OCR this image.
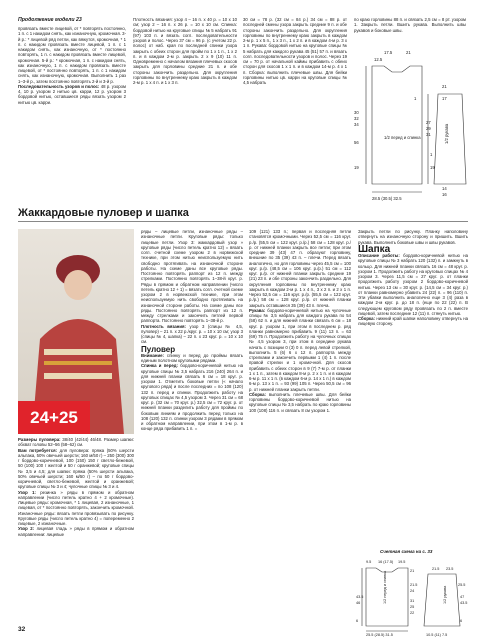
Продолжение модели 23

провязать вместе лицевой, от * повторять постоянно, 1 п. с 1 накидом снять, как изнаночную, кромочная. 3-й р.: * лицевой ряд петли, как вяжутся, кромочная, * 1 п. с накидом провязать вместе лицевой, 1 п. с 1 накидом снять, как изнаночную, от * постоянно повторять, 1 п. с накидом провязать вместе лицевой, кромочная. 5-й р.: * кромочная, 1 п. с накидом снять, как изнаночную, 1 п. с накидом провязать вместе лицевой, от * постоянно повторять, 1 п. с 1 накидом снять, как изнаночную, кромочная. Выполнить 1 раз 1–3-й р., затем постоянно повторять 2-й и 3-й р.

Последовательность узоров и полос: 48 р. узором 4, 10 р. узором 2 нитью цв. карри, 12 р. узором 3 бордовой нитью, оставшиеся ряды вязать узором 2 нитью цв. карри.

Плотность вязания: узор 4 – 16 п. х 40 р. = 10 х 10 см; узор 2 – 16 п. х 26 р. = 10 х 10 см. Спинка: бордовой нитью на круговые спицы № 5 набрать 91 (97) 103 п. и вязать согл. последовательности узоров и полос. Через 37 см = 96 р. (с учетом 22 р. полос) от наб. края по последней спинки узора закрыть с обеих сторон для пройм по 1 х 1 п., 1 х 2 п. и в каждом 2-м р. закрыть 2 х 9 (10) 11 п. Одновременно с началом вязания плечевых скосов закрыть для горловины средние 21 п. и обе стороны закончить раздельно. Для округления горловины по внутреннему краю закрыть в каждом 2-м р. 1 х 4 п. и 1 х 3 п.

30 см = 78 р. (32 см = 84 р.) 34 см = 88 р. от последней смены узора закрыть средние 9 п. и обе стороны закончить раздельно. Для округления горловины по внутреннему краю закрыть в каждом 2-м р. 1 х 5 п., 1 х 3 п., 1 х 2 п. и в каждом 4-м р. 3 х 1 п. Рукава: бордовой нитью на круговые спицы № 5 набрать для каждого рукава 45 (51) 57 п. и вязать согл. последовательности узоров и полос. Через 19 см = 70 р. от начальной каймы прибавить с обеих сторон для скосов 1 х 1 п. и в каждом 14-м р. 4 х 1 п. Сборка: выполнить плечевые швы. Для бейки горловины нитью цв. карри на круговые спицы № 4,5 набрать

по краю горловины 88 п. и связать 2,5 см = 8 рт. узором 1. Закрыть петли. Вшить рукава. Выполнить швы рукавов и боковые швы.

17.5	21
12.5
30
32
34
56
1
19
1/2 перед и спинка
28.5 (30.5) 32.5
21
17
27
29
31
1
19
14
16
1/2 рукава
Жаккардовые пуловер и шапка
24+25

Размеры пуловера: 38/40 (42/44) 46/48. Размер шапки: обхват головы 52–56 (58–62) см.

Вам потребуется: для пуловера: пряжа (50% шерсти альпака, 50% овечьей шерсти; 160 м/50 г) – 250 (300) 300 г бордово-коричневой, 100 (150) 150 г светло-бежевой, 50 (100) 100 г желтой и 50 г оранжевой; круговые спицы № 3,5 и 4,5; для шапки: пряжа (50% шерсти альпака, 50% овечьей шерсти; 160 м/50 г) – по 50 г бордово-коричневой, светло-бежевой, желтой и оранжевой; круговые спицы № 3 и 4; чулочные спицы № 3 и 4.

Узор 1: резинка » ряды в прямом и обратном направлении (число петель кратно 4 + 2 кромочные). Лицевые ряды: кромочная, * 1 лицевая, 2 изнаночные, 1 лицевая, от * постоянно повторять, закончить кромочной. Изнаночные ряды: вязать петли провязывать по рисунку. Круговые ряды (число петель кратно 4) = попеременно 2 лицевые, 2 изнаночные.

Узор 2: лицевая гладь » ряды в прямом и обратном направлении: лицевые

ряды – лицевые петли, изнаночные ряды – изнаночные петли. Круговые ряды: только лицевые петли. Узор 3: жаккардовый узор » круговые ряды (число петель кратно 12) = вязать согл. счетной схеме узором 2 в норвежской технике, при этом нитью неиспользуемую нить свободно протягивать на изнаночной стороне работы. На схеме даны все круговые ряды. Постоянно повторять раппорт из 12 п. между стрелками. Постоянно повторять 1–38-й круг. р. Ряды в прямом и обратном направлении (число петель кратно 12 + 1) = вязать согл. счетной схеме узором 2 в норвежской технике, при этом неиспользуемую нить свободно протягивать на изнаночной стороне работы. На схеме даны все ряды. Постоянно повторять раппорт из 12 п. между стрелками и закончить петлей первой раппорта. Постоянно повторять 1–38-й р.

Плотность вязания: узор 3 (спицы № 4,5, пуловер) – 21 п. х 22 р./круг. р. = 10 х 10 см; узор 3 (спицы № 4, шапка) – 22 п. х 23 круг. р. = 10 х 10 см.

Пуловер

Внимание: спинку и перед до проймы вязать единым полотном круговыми рядами.

Спинка и перед: бордово-коричневой нитью на круговые спицы № 3,5 набрать 216 (240) 264 п. и для нижней планки связать 6 см = 18 круг. р. узором 1. Отметить боковые петли (« начало кругового ряда) и после последних = по 108 (120) 132 п. перед и спинки. Продолжить работу на круговых спицах № 4,5 узором 3. Через 31 см = 68 круг. р. (32 см = 70 круг. р.) 32,5 см = 72 круг. р. от нижней планки разделить работу для проймы по боковым линиям и продолжить перед только на 108 (120) 132 п. спинки узором 3 рядами в прямом и обратном направлении, при этом в 1-м р. в конце ряда прибавить 1 п. =

109 (121) 133 п.; первая и последняя петли становятся кромочными. Через 52,5 см = 116 круг. р./р. (55,5 см = 122 круг. р./р.) 58 см = 128 круг. р./р. от нижней планки закрыть все петли; при этом средние 39 (43) 47 п. образуют горловину, внешние по 35 (39) 43 п. – плечи. Перед вязать аналогично, но для горловины через 45,5 см = 100 круг. р./р. (48,5 см = 106 круг. р./р.) 51 см = 112 круг. р./р. от нижней планки закрыть средние 19 (21) 23 п. и обе стороны закончить раздельно. Для округления горловины по внутреннему краю закрыть в каждом 2-м р. 1 х 4 п., 3 х 2 п. и 2 х 1 п. Через 52,5 см = 116 круг. р./р. (55,5 см = 122 круг. р./р.) 58 см = 128 круг. р./р. от нижней планки закрыть оставшиеся 35 (39) 43 п. плеча.

Рукава: бордово-коричневой нитью на чулочные спицы № 3,5 набрать для каждого рукава по 54 (58) 62 п. и для нижней планки связать 6 см = 18 круг. р. узором 1, при этом в последнем р. ряд планки равномерно прибавить 9 (11) 13 п. = 63 (69) 75 п. Продолжить работу на чулочных спицах № 4,5 узором 3, при этом в середине рукава начать с позиции 0 (3) 0 п. перед левой стрелкой, выполнить 5 (6) 6 х 12 п. раппорта между стрелками и закончить первыми 1 (4) 1 п. после правой стрелки и 1 кромочной. Для скосов прибавить с обеих сторон в 9 (7) 7-м р. от планки 1 х 1 п., затем в каждом 8-м р. 2 х 1 п. и в каждом 6-м р. 11 х 1 п. (в каждом 6-м р. 14 х 1 п.) в каждом 6-м р. 13 х 1 п. = 93 (99) 105 п. Через 50,5 см = 96 р. от нижней планки закрыть петли.

Сборка: выполнить плечевые швы. Для бейки горловины бордово-коричневой нитью на круговые спицы № 3,5 набрать по краю горловины 100 (108) 116 п. и связать 8 см узором 1.

Закрыть петли по рисунку. Планку наполовину отвернуть на изнаночную сторону и пришить. Вшить рукава. Выполнить боковые швы и швы рукавов.

Шапка

Описание работы: бордово-коричневой нитью на круговые спицы № 3 набрать 120 (132) п. и замкнуть в кольцо. Для нижней планки связать 16 см = 48 круг. р. узором 1. Продолжить работу на круговых спицах № 4 узором 3. Через 11,5 см = 27 круг. р. от планки продолжить работу узором 2 бордово-коричневой нитью. Через 13 см = 30 круг. р. (14,5 см = 34 круг. р.) от планки равномерно убавить 24 (22) п. = 96 (110) п. Эти убавки выполнить аналогично еще 3 (4) раза в каждом 2-м круг. р. до 18 п. (еще по 22 (22) п. В следующем круговом ряду провязать по 2 п. вместе лицевой, затем последние 12 (11) п. стянуть нитью.

Сборка: нижний край шапки наполовину отвернуть на лицевую сторону.

Счетная схема на с. 33
9.5 16 (17.5) 19.5
21
43.5
46
6
31
25
22
21.5
24
1/2 перед и спинка
25.5 (28.5) 31.5
21.5 23.5
25.5
47
43.5
6
1/2 рукава
10.5 (11) 7.5
32
